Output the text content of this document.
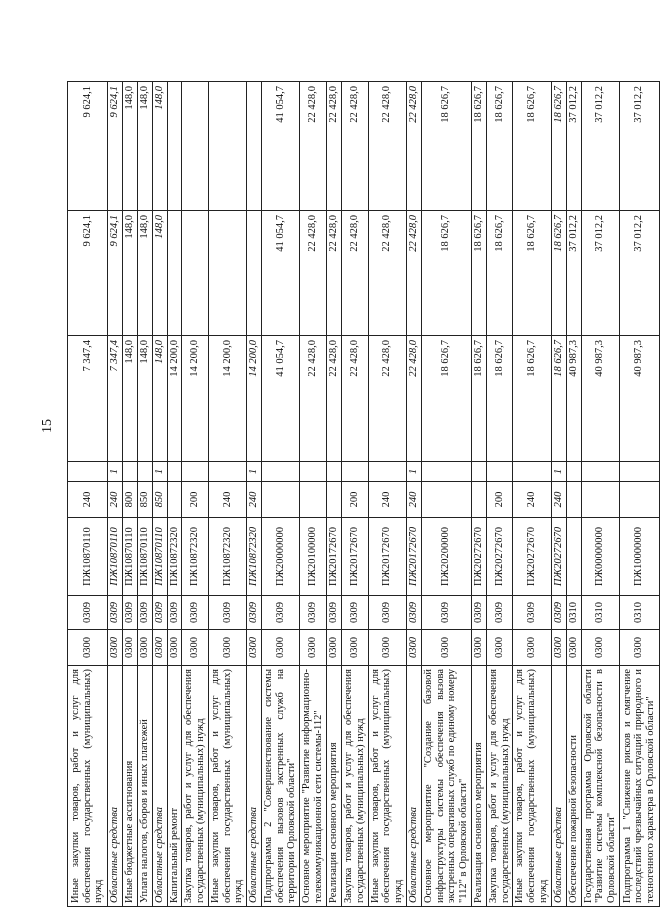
15
Иные закупки товаров, работ и услуг для обеспечения государственных (муниципальных) нужд	0300	0309	ПЖ10870110	240		7 347,4	9 624,1	9 624,1
Областные средства	0300	0309	ПЖ10870110	240	1	7 347,4	9 624,1	9 624,1
Иные бюджетные ассигнования	0300	0309	ПЖ10870110	800		148,0	148,0	148,0
Уплата налогов, сборов и иных платежей	0300	0309	ПЖ10870110	850		148,0	148,0	148,0
Областные средства	0300	0309	ПЖ10870110	850	1	148,0	148,0	148,0
Капитальный ремонт	0300	0309	ПЖ10872320			14 200,0		
Закупка товаров, работ и услуг для обеспечения государственных (муниципальных) нужд	0300	0309	ПЖ10872320	200		14 200,0		
Иные закупки товаров, работ и услуг для обеспечения государственных (муниципальных) нужд	0300	0309	ПЖ10872320	240		14 200,0		
Областные средства	0300	0309	ПЖ10872320	240	1	14 200,0		
Подпрограмма 2 "Совершенствование системы обеспечения вызовов экстренных служб на территории Орловской области"	0300	0309	ПЖ20000000			41 054,7	41 054,7	41 054,7
Основное мероприятие "Развитие информационно-телекоммуникационной сети системы-112"	0300	0309	ПЖ20100000			22 428,0	22 428,0	22 428,0
Реализация основного мероприятия	0300	0309	ПЖ20172670			22 428,0	22 428,0	22 428,0
Закупка товаров, работ и услуг для обеспечения государственных (муниципальных) нужд	0300	0309	ПЖ20172670	200		22 428,0	22 428,0	22 428,0
Иные закупки товаров, работ и услуг для обеспечения государственных (муниципальных) нужд	0300	0309	ПЖ20172670	240		22 428,0	22 428,0	22 428,0
Областные средства	0300	0309	ПЖ20172670	240	1	22 428,0	22 428,0	22 428,0
Основное мероприятие "Создание базовой инфраструктуры системы обеспечения вызова экстренных оперативных служб по единому номеру "112" в Орловской области"	0300	0309	ПЖ20200000			18 626,7	18 626,7	18 626,7
Реализация основного мероприятия	0300	0309	ПЖ20272670			18 626,7	18 626,7	18 626,7
Закупка товаров, работ и услуг для обеспечения государственных (муниципальных) нужд	0300	0309	ПЖ20272670	200		18 626,7	18 626,7	18 626,7
Иные закупки товаров, работ и услуг для обеспечения государственных (муниципальных) нужд	0300	0309	ПЖ20272670	240		18 626,7	18 626,7	18 626,7
Областные средства	0300	0309	ПЖ20272670	240	1	18 626,7	18 626,7	18 626,7
Обеспечение пожарной безопасности	0300	0310				40 987,3	37 012,2	37 012,2
Государственная программа Орловской области "Развитие системы комплексной безопасности в Орловской области"	0300	0310	ПЖ00000000			40 987,3	37 012,2	37 012,2
Подпрограмма 1 "Снижение рисков и смягчение последствий чрезвычайных ситуаций природного и техногенного характера в Орловской области"	0300	0310	ПЖ10000000			40 987,3	37 012,2	37 012,2
